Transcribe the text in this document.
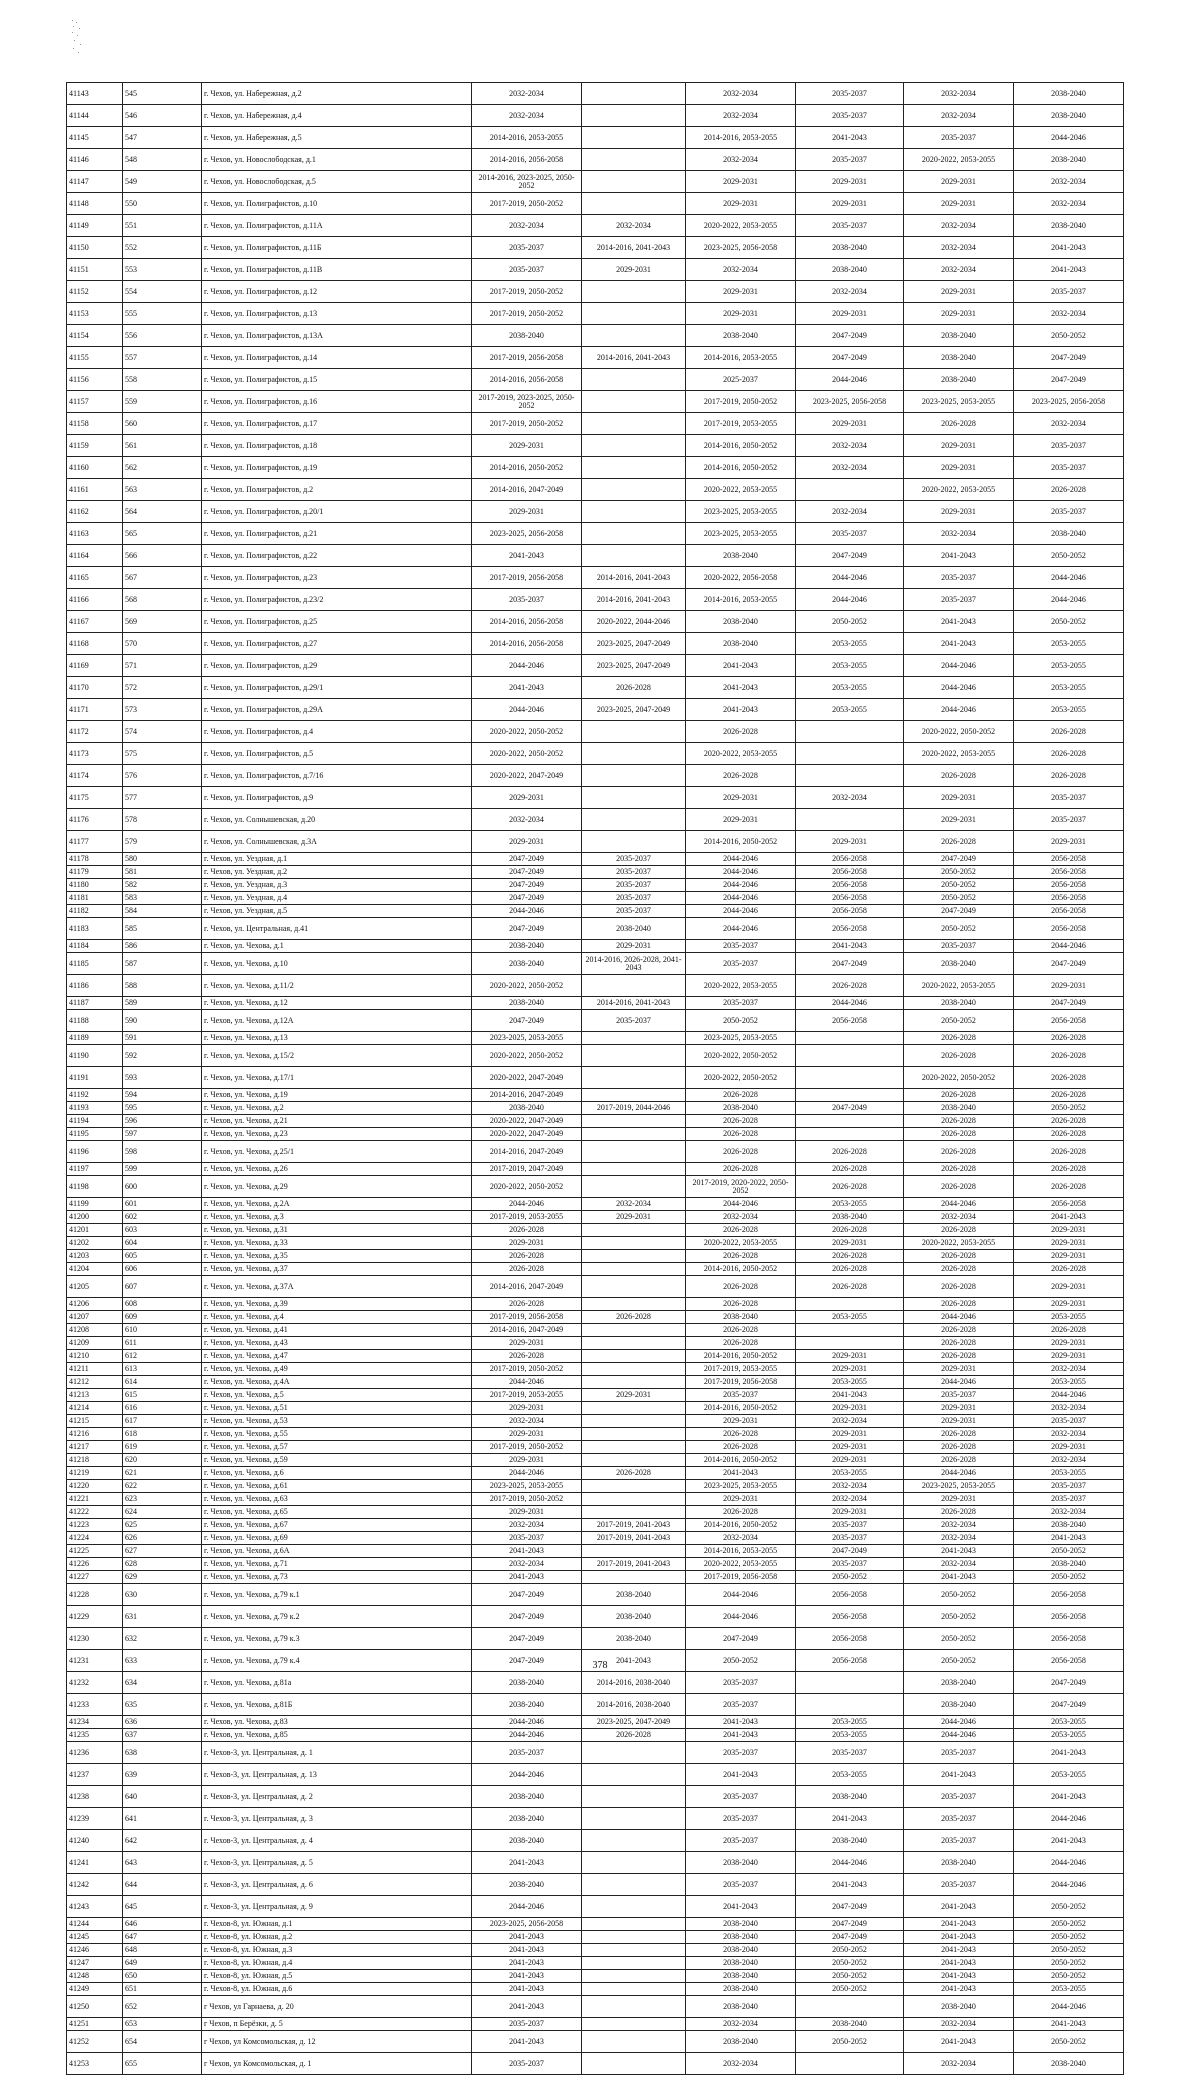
41143	545	г. Чехов, ул. Набережная, д.2	2032-2034		2032-2034	2035-2037	2032-2034	2038-2040
41144	546	г. Чехов, ул. Набережная, д.4	2032-2034		2032-2034	2035-2037	2032-2034	2038-2040
41145	547	г. Чехов, ул. Набережная, д.5	2014-2016, 2053-2055		2014-2016, 2053-2055	2041-2043	2035-2037	2044-2046
41146	548	г. Чехов, ул. Новослободская, д.1	2014-2016, 2056-2058		2032-2034	2035-2037	2020-2022, 2053-2055	2038-2040
41147	549	г. Чехов, ул. Новослободская, д.5	2014-2016, 2023-2025, 2050-2052		2029-2031	2029-2031	2029-2031	2032-2034
41148	550	г. Чехов, ул. Полиграфистов, д.10	2017-2019, 2050-2052		2029-2031	2029-2031	2029-2031	2032-2034
41149	551	г. Чехов, ул. Полиграфистов, д.11А	2032-2034	2032-2034	2020-2022, 2053-2055	2035-2037	2032-2034	2038-2040
41150	552	г. Чехов, ул. Полиграфистов, д.11Б	2035-2037	2014-2016, 2041-2043	2023-2025, 2056-2058	2038-2040	2032-2034	2041-2043
41151	553	г. Чехов, ул. Полиграфистов, д.11В	2035-2037	2029-2031	2032-2034	2038-2040	2032-2034	2041-2043
41152	554	г. Чехов, ул. Полиграфистов, д.12	2017-2019, 2050-2052		2029-2031	2032-2034	2029-2031	2035-2037
41153	555	г. Чехов, ул. Полиграфистов, д.13	2017-2019, 2050-2052		2029-2031	2029-2031	2029-2031	2032-2034
41154	556	г. Чехов, ул. Полиграфистов, д.13А	2038-2040		2038-2040	2047-2049	2038-2040	2050-2052
41155	557	г. Чехов, ул. Полиграфистов, д.14	2017-2019, 2056-2058	2014-2016, 2041-2043	2014-2016, 2053-2055	2047-2049	2038-2040	2047-2049
41156	558	г. Чехов, ул. Полиграфистов, д.15	2014-2016, 2056-2058		2025-2037	2044-2046	2038-2040	2047-2049
41157	559	г. Чехов, ул. Полиграфистов, д.16	2017-2019, 2023-2025, 2050-2052		2017-2019, 2050-2052	2023-2025, 2056-2058	2023-2025, 2053-2055	2023-2025, 2056-2058
41158	560	г. Чехов, ул. Полиграфистов, д.17	2017-2019, 2050-2052		2017-2019, 2053-2055	2029-2031	2026-2028	2032-2034
41159	561	г. Чехов, ул. Полиграфистов, д.18	2029-2031		2014-2016, 2050-2052	2032-2034	2029-2031	2035-2037
41160	562	г. Чехов, ул. Полиграфистов, д.19	2014-2016, 2050-2052		2014-2016, 2050-2052	2032-2034	2029-2031	2035-2037
41161	563	г. Чехов, ул. Полиграфистов, д.2	2014-2016, 2047-2049		2020-2022, 2053-2055		2020-2022, 2053-2055	2026-2028
41162	564	г. Чехов, ул. Полиграфистов, д.20/1	2029-2031		2023-2025, 2053-2055	2032-2034	2029-2031	2035-2037
41163	565	г. Чехов, ул. Полиграфистов, д.21	2023-2025, 2056-2058		2023-2025, 2053-2055	2035-2037	2032-2034	2038-2040
41164	566	г. Чехов, ул. Полиграфистов, д.22	2041-2043		2038-2040	2047-2049	2041-2043	2050-2052
41165	567	г. Чехов, ул. Полиграфистов, д.23	2017-2019, 2056-2058	2014-2016, 2041-2043	2020-2022, 2056-2058	2044-2046	2035-2037	2044-2046
41166	568	г. Чехов, ул. Полиграфистов, д.23/2	2035-2037	2014-2016, 2041-2043	2014-2016, 2053-2055	2044-2046	2035-2037	2044-2046
41167	569	г. Чехов, ул. Полиграфистов, д.25	2014-2016, 2056-2058	2020-2022, 2044-2046	2038-2040	2050-2052	2041-2043	2050-2052
41168	570	г. Чехов, ул. Полиграфистов, д.27	2014-2016, 2056-2058	2023-2025, 2047-2049	2038-2040	2053-2055	2041-2043	2053-2055
41169	571	г. Чехов, ул. Полиграфистов, д.29	2044-2046	2023-2025, 2047-2049	2041-2043	2053-2055	2044-2046	2053-2055
41170	572	г. Чехов, ул. Полиграфистов, д.29/1	2041-2043	2026-2028	2041-2043	2053-2055	2044-2046	2053-2055
41171	573	г. Чехов, ул. Полиграфистов, д.29А	2044-2046	2023-2025, 2047-2049	2041-2043	2053-2055	2044-2046	2053-2055
41172	574	г. Чехов, ул. Полиграфистов, д.4	2020-2022, 2050-2052		2026-2028		2020-2022, 2050-2052	2026-2028
41173	575	г. Чехов, ул. Полиграфистов, д.5	2020-2022, 2050-2052		2020-2022, 2053-2055		2020-2022, 2053-2055	2026-2028
41174	576	г. Чехов, ул. Полиграфистов, д.7/16	2020-2022, 2047-2049		2026-2028		2026-2028	2026-2028
41175	577	г. Чехов, ул. Полиграфистов, д.9	2029-2031		2029-2031	2032-2034	2029-2031	2035-2037
41176	578	г. Чехов, ул. Солнышевская, д.20	2032-2034		2029-2031		2029-2031	2035-2037
41177	579	г. Чехов, ул. Солнышевская, д.3А	2029-2031		2014-2016, 2050-2052	2029-2031	2026-2028	2029-2031
41178	580	г. Чехов, ул. Уездная, д.1	2047-2049	2035-2037	2044-2046	2056-2058	2047-2049	2056-2058
41179	581	г. Чехов, ул. Уездная, д.2	2047-2049	2035-2037	2044-2046	2056-2058	2050-2052	2056-2058
41180	582	г. Чехов, ул. Уездная, д.3	2047-2049	2035-2037	2044-2046	2056-2058	2050-2052	2056-2058
41181	583	г. Чехов, ул. Уездная, д.4	2047-2049	2035-2037	2044-2046	2056-2058	2050-2052	2056-2058
41182	584	г. Чехов, ул. Уездная, д.5	2044-2046	2035-2037	2044-2046	2056-2058	2047-2049	2056-2058
41183	585	г. Чехов, ул. Центральная, д.41	2047-2049	2038-2040	2044-2046	2056-2058	2050-2052	2056-2058
41184	586	г. Чехов, ул. Чехова, д.1	2038-2040	2029-2031	2035-2037	2041-2043	2035-2037	2044-2046
41185	587	г. Чехов, ул. Чехова, д.10	2038-2040	2014-2016, 2026-2028, 2041-2043	2035-2037	2047-2049	2038-2040	2047-2049
41186	588	г. Чехов, ул. Чехова, д.11/2	2020-2022, 2050-2052		2020-2022, 2053-2055	2026-2028	2020-2022, 2053-2055	2029-2031
41187	589	г. Чехов, ул. Чехова, д.12	2038-2040	2014-2016, 2041-2043	2035-2037	2044-2046	2038-2040	2047-2049
41188	590	г. Чехов, ул. Чехова, д.12А	2047-2049	2035-2037	2050-2052	2056-2058	2050-2052	2056-2058
41189	591	г. Чехов, ул. Чехова, д.13	2023-2025, 2053-2055		2023-2025, 2053-2055		2026-2028	2026-2028
41190	592	г. Чехов, ул. Чехова, д.15/2	2020-2022, 2050-2052		2020-2022, 2050-2052		2026-2028	2026-2028
41191	593	г. Чехов, ул. Чехова, д.17/1	2020-2022, 2047-2049		2020-2022, 2050-2052		2020-2022, 2050-2052	2026-2028
41192	594	г. Чехов, ул. Чехова, д.19	2014-2016, 2047-2049		2026-2028		2026-2028	2026-2028
41193	595	г. Чехов, ул. Чехова, д.2	2038-2040	2017-2019, 2044-2046	2038-2040	2047-2049	2038-2040	2050-2052
41194	596	г. Чехов, ул. Чехова, д.21	2020-2022, 2047-2049		2026-2028		2026-2028	2026-2028
41195	597	г. Чехов, ул. Чехова, д.23	2020-2022, 2047-2049		2026-2028		2026-2028	2026-2028
41196	598	г. Чехов, ул. Чехова, д.25/1	2014-2016, 2047-2049		2026-2028	2026-2028	2026-2028	2026-2028
41197	599	г. Чехов, ул. Чехова, д.26	2017-2019, 2047-2049		2026-2028	2026-2028	2026-2028	2026-2028
41198	600	г. Чехов, ул. Чехова, д.29	2020-2022, 2050-2052		2017-2019, 2020-2022, 2050-2052	2026-2028	2026-2028	2026-2028
41199	601	г. Чехов, ул. Чехова, д.2А	2044-2046	2032-2034	2044-2046	2053-2055	2044-2046	2056-2058
41200	602	г. Чехов, ул. Чехова, д.3	2017-2019, 2053-2055	2029-2031	2032-2034	2038-2040	2032-2034	2041-2043
41201	603	г. Чехов, ул. Чехова, д.31	2026-2028		2026-2028	2026-2028	2026-2028	2029-2031
41202	604	г. Чехов, ул. Чехова, д.33	2029-2031		2020-2022, 2053-2055	2029-2031	2020-2022, 2053-2055	2029-2031
41203	605	г. Чехов, ул. Чехова, д.35	2026-2028		2026-2028	2026-2028	2026-2028	2029-2031
41204	606	г. Чехов, ул. Чехова, д.37	2026-2028		2014-2016, 2050-2052	2026-2028	2026-2028	2026-2028
41205	607	г. Чехов, ул. Чехова, д.37А	2014-2016, 2047-2049		2026-2028	2026-2028	2026-2028	2029-2031
41206	608	г. Чехов, ул. Чехова, д.39	2026-2028		2026-2028		2026-2028	2029-2031
41207	609	г. Чехов, ул. Чехова, д.4	2017-2019, 2056-2058	2026-2028	2038-2040	2053-2055	2044-2046	2053-2055
41208	610	г. Чехов, ул. Чехова, д.41	2014-2016, 2047-2049		2026-2028		2026-2028	2026-2028
41209	611	г. Чехов, ул. Чехова, д.43	2029-2031		2026-2028		2026-2028	2029-2031
41210	612	г. Чехов, ул. Чехова, д.47	2026-2028		2014-2016, 2050-2052	2029-2031	2026-2028	2029-2031
41211	613	г. Чехов, ул. Чехова, д.49	2017-2019, 2050-2052		2017-2019, 2053-2055	2029-2031	2029-2031	2032-2034
41212	614	г. Чехов, ул. Чехова, д.4А	2044-2046		2017-2019, 2056-2058	2053-2055	2044-2046	2053-2055
41213	615	г. Чехов, ул. Чехова, д.5	2017-2019, 2053-2055	2029-2031	2035-2037	2041-2043	2035-2037	2044-2046
41214	616	г. Чехов, ул. Чехова, д.51	2029-2031		2014-2016, 2050-2052	2029-2031	2029-2031	2032-2034
41215	617	г. Чехов, ул. Чехова, д.53	2032-2034		2029-2031	2032-2034	2029-2031	2035-2037
41216	618	г. Чехов, ул. Чехова, д.55	2029-2031		2026-2028	2029-2031	2026-2028	2032-2034
41217	619	г. Чехов, ул. Чехова, д.57	2017-2019, 2050-2052		2026-2028	2029-2031	2026-2028	2029-2031
41218	620	г. Чехов, ул. Чехова, д.59	2029-2031		2014-2016, 2050-2052	2029-2031	2026-2028	2032-2034
41219	621	г. Чехов, ул. Чехова, д.6	2044-2046	2026-2028	2041-2043	2053-2055	2044-2046	2053-2055
41220	622	г. Чехов, ул. Чехова, д.61	2023-2025, 2053-2055		2023-2025, 2053-2055	2032-2034	2023-2025, 2053-2055	2035-2037
41221	623	г. Чехов, ул. Чехова, д.63	2017-2019, 2050-2052		2029-2031	2032-2034	2029-2031	2035-2037
41222	624	г. Чехов, ул. Чехова, д.65	2029-2031		2026-2028	2029-2031	2026-2028	2032-2034
41223	625	г. Чехов, ул. Чехова, д.67	2032-2034	2017-2019, 2041-2043	2014-2016, 2050-2052	2035-2037	2032-2034	2038-2040
41224	626	г. Чехов, ул. Чехова, д.69	2035-2037	2017-2019, 2041-2043	2032-2034	2035-2037	2032-2034	2041-2043
41225	627	г. Чехов, ул. Чехова, д.6А	2041-2043		2014-2016, 2053-2055	2047-2049	2041-2043	2050-2052
41226	628	г. Чехов, ул. Чехова, д.71	2032-2034	2017-2019, 2041-2043	2020-2022, 2053-2055	2035-2037	2032-2034	2038-2040
41227	629	г. Чехов, ул. Чехова, д.73	2041-2043		2017-2019, 2056-2058	2050-2052	2041-2043	2050-2052
41228	630	г. Чехов, ул. Чехова, д.79 к.1	2047-2049	2038-2040	2044-2046	2056-2058	2050-2052	2056-2058
41229	631	г. Чехов, ул. Чехова, д.79 к.2	2047-2049	2038-2040	2044-2046	2056-2058	2050-2052	2056-2058
41230	632	г. Чехов, ул. Чехова, д.79 к.3	2047-2049	2038-2040	2047-2049	2056-2058	2050-2052	2056-2058
41231	633	г. Чехов, ул. Чехова, д.79 к.4	2047-2049	2041-2043	2050-2052	2056-2058	2050-2052	2056-2058
41232	634	г. Чехов, ул. Чехова, д.81а	2038-2040	2014-2016, 2038-2040	2035-2037		2038-2040	2047-2049
41233	635	г. Чехов, ул. Чехова, д.81Б	2038-2040	2014-2016, 2038-2040	2035-2037		2038-2040	2047-2049
41234	636	г. Чехов, ул. Чехова, д.83	2044-2046	2023-2025, 2047-2049	2041-2043	2053-2055	2044-2046	2053-2055
41235	637	г. Чехов, ул. Чехова, д.85	2044-2046	2026-2028	2041-2043	2053-2055	2044-2046	2053-2055
41236	638	г. Чехов-3, ул. Центральная, д. 1	2035-2037		2035-2037	2035-2037	2035-2037	2041-2043
41237	639	г. Чехов-3, ул. Центральная, д. 13	2044-2046		2041-2043	2053-2055	2041-2043	2053-2055
41238	640	г. Чехов-3, ул. Центральная, д. 2	2038-2040		2035-2037	2038-2040	2035-2037	2041-2043
41239	641	г. Чехов-3, ул. Центральная, д. 3	2038-2040		2035-2037	2041-2043	2035-2037	2044-2046
41240	642	г. Чехов-3, ул. Центральная, д. 4	2038-2040		2035-2037	2038-2040	2035-2037	2041-2043
41241	643	г. Чехов-3, ул. Центральная, д. 5	2041-2043		2038-2040	2044-2046	2038-2040	2044-2046
41242	644	г. Чехов-3, ул. Центральная, д. 6	2038-2040		2035-2037	2041-2043	2035-2037	2044-2046
41243	645	г. Чехов-3, ул. Центральная, д. 9	2044-2046		2041-2043	2047-2049	2041-2043	2050-2052
41244	646	г. Чехов-8, ул. Южная, д.1	2023-2025, 2056-2058		2038-2040	2047-2049	2041-2043	2050-2052
41245	647	г. Чехов-8, ул. Южная, д.2	2041-2043		2038-2040	2047-2049	2041-2043	2050-2052
41246	648	г. Чехов-8, ул. Южная, д.3	2041-2043		2038-2040	2050-2052	2041-2043	2050-2052
41247	649	г. Чехов-8, ул. Южная, д.4	2041-2043		2038-2040	2050-2052	2041-2043	2050-2052
41248	650	г. Чехов-8, ул. Южная, д.5	2041-2043		2038-2040	2050-2052	2041-2043	2050-2052
41249	651	г. Чехов-8, ул. Южная, д.6	2041-2043		2038-2040	2050-2052	2041-2043	2053-2055
41250	652	г Чехов, ул Гарнаева, д. 20	2041-2043		2038-2040		2038-2040	2044-2046
41251	653	г Чехов, п Берёзки, д. 5	2035-2037		2032-2034	2038-2040	2032-2034	2041-2043
41252	654	г Чехов, ул Комсомольская, д. 12	2041-2043		2038-2040	2050-2052	2041-2043	2050-2052
41253	655	г Чехов, ул Комсомольская, д. 1	2035-2037		2032-2034		2032-2034	2038-2040
378
